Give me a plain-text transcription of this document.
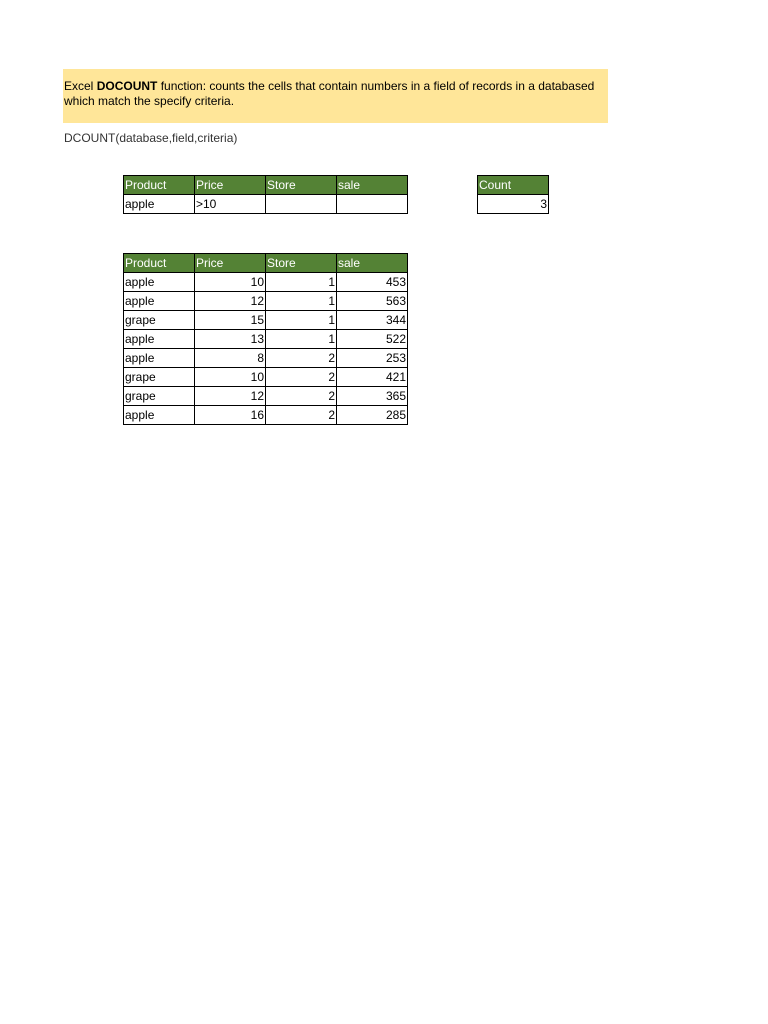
Excel DOCOUNT function: counts the cells that contain numbers in a field of records in a databased which match the specify criteria.
DCOUNT(database,field,criteria)
Product	Price	Store	sale
apple	>10		
Count
3
Product	Price	Store	sale
apple	10	1	453
apple	12	1	563
grape	15	1	344
apple	13	1	522
apple	8	2	253
grape	10	2	421
grape	12	2	365
apple	16	2	285
